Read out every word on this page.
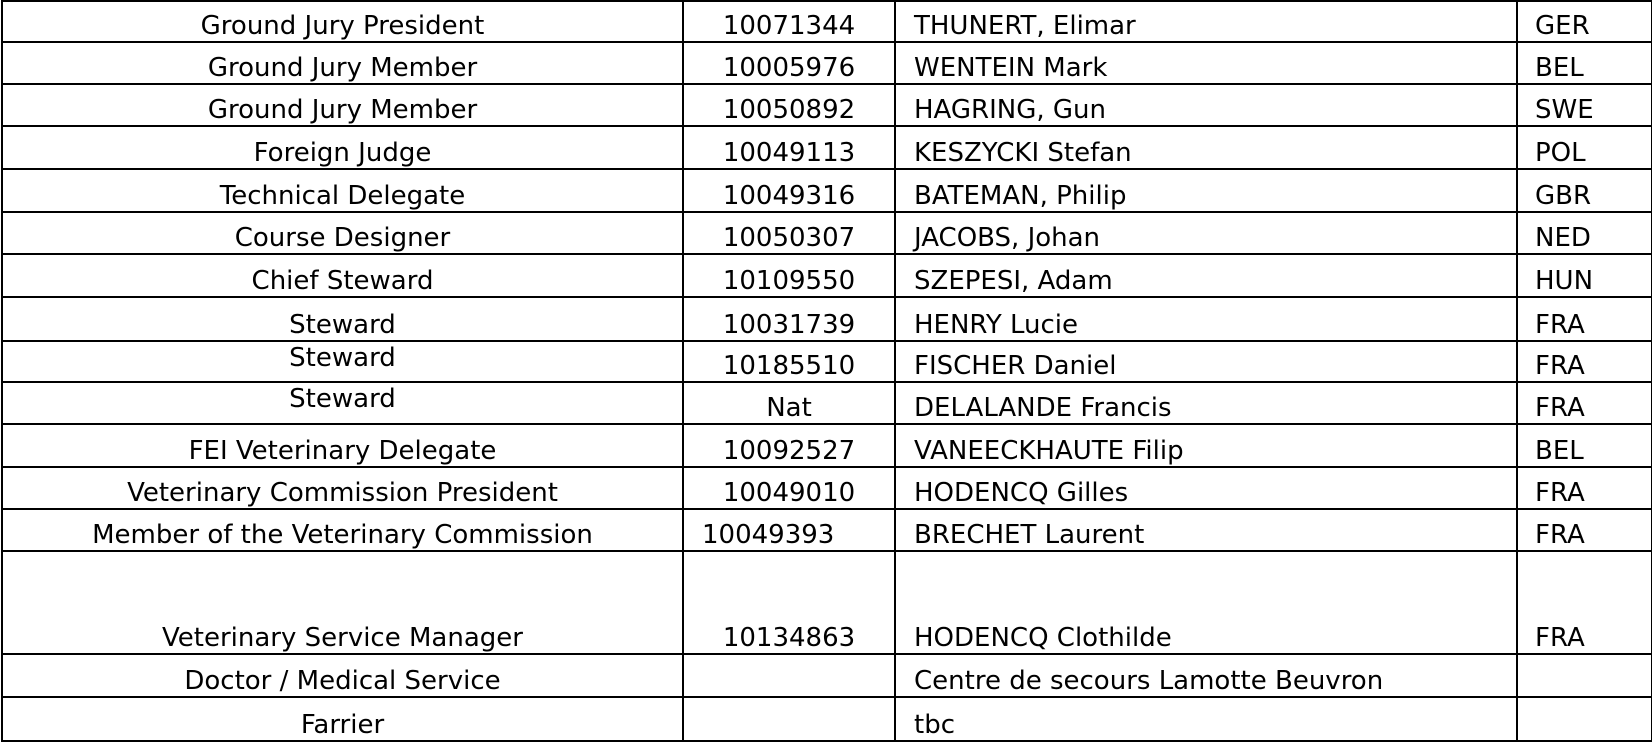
Ground Jury President	10071344	THUNERT, Elimar	GER
Ground Jury Member	10005976	WENTEIN Mark	BEL
Ground Jury Member	10050892	HAGRING, Gun	SWE
Foreign Judge	10049113	KESZYCKI Stefan	POL
Technical Delegate	10049316	BATEMAN, Philip	GBR
Course Designer	10050307	JACOBS, Johan	NED
Chief Steward	10109550	SZEPESI, Adam	HUN
Steward	10031739	HENRY Lucie	FRA
Steward	10185510	FISCHER Daniel	FRA
Steward	Nat	DELALANDE Francis	FRA
FEI Veterinary Delegate	10092527	VANEECKHAUTE Filip	BEL
Veterinary Commission President	10049010	HODENCQ Gilles	FRA
Member of the Veterinary Commission	10049393	BRECHET Laurent	FRA
Veterinary Service Manager	10134863	HODENCQ Clothilde	FRA
Doctor / Medical Service		Centre de secours Lamotte Beuvron	
Farrier		tbc	
